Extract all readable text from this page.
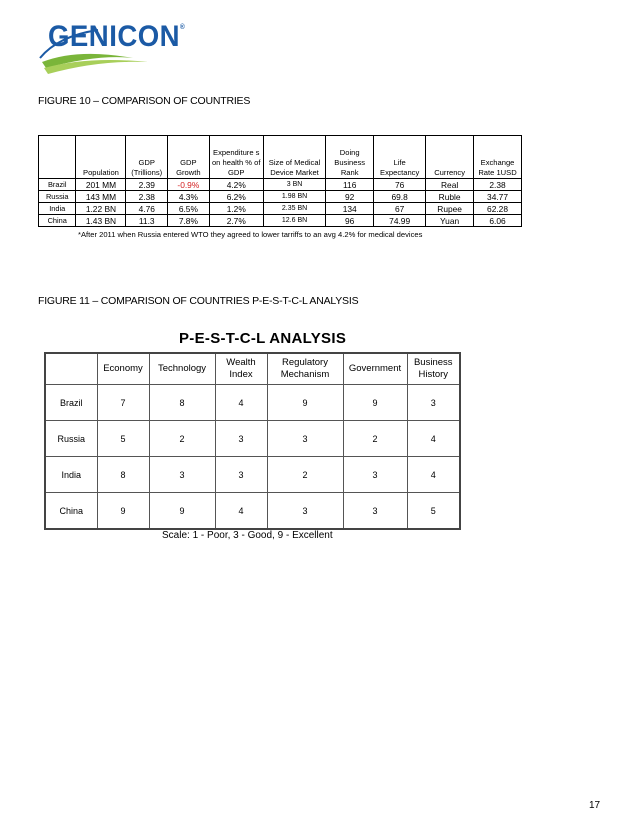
GENICON®
FIGURE 10 – COMPARISON OF COUNTRIES
	Population	GDP (Trillions)	GDP Growth	Expenditure s on health % of GDP	Size of Medical Device Market	Doing Business Rank	Life Expectancy	Currency	Exchange Rate 1USD
Brazil	201 MM	2.39	-0.9%	4.2%	3 BN	116	76	Real	2.38
Russia	143 MM	2.38	4.3%	6.2%	1.98 BN	92	69.8	Ruble	34.77
India	1.22 BN	4.76	6.5%	1.2%	2.35 BN	134	67	Rupee	62.28
China	1.43 BN	11.3	7.8%	2.7%	12.6 BN	96	74.99	Yuan	6.06
*After 2011 when Russia entered WTO they agreed to lower tarriffs to an avg 4.2% for medical devices
FIGURE 11 – COMPARISON OF COUNTRIES P-E-S-T-C-L ANALYSIS
P-E-S-T-C-L ANALYSIS
	Economy	Technology	Wealth Index	Regulatory Mechanism	Government	Business History
Brazil	7	8	4	9	9	3
Russia	5	2	3	3	2	4
India	8	3	3	2	3	4
China	9	9	4	3	3	5
Scale: 1 - Poor, 3 - Good, 9 - Excellent
17
